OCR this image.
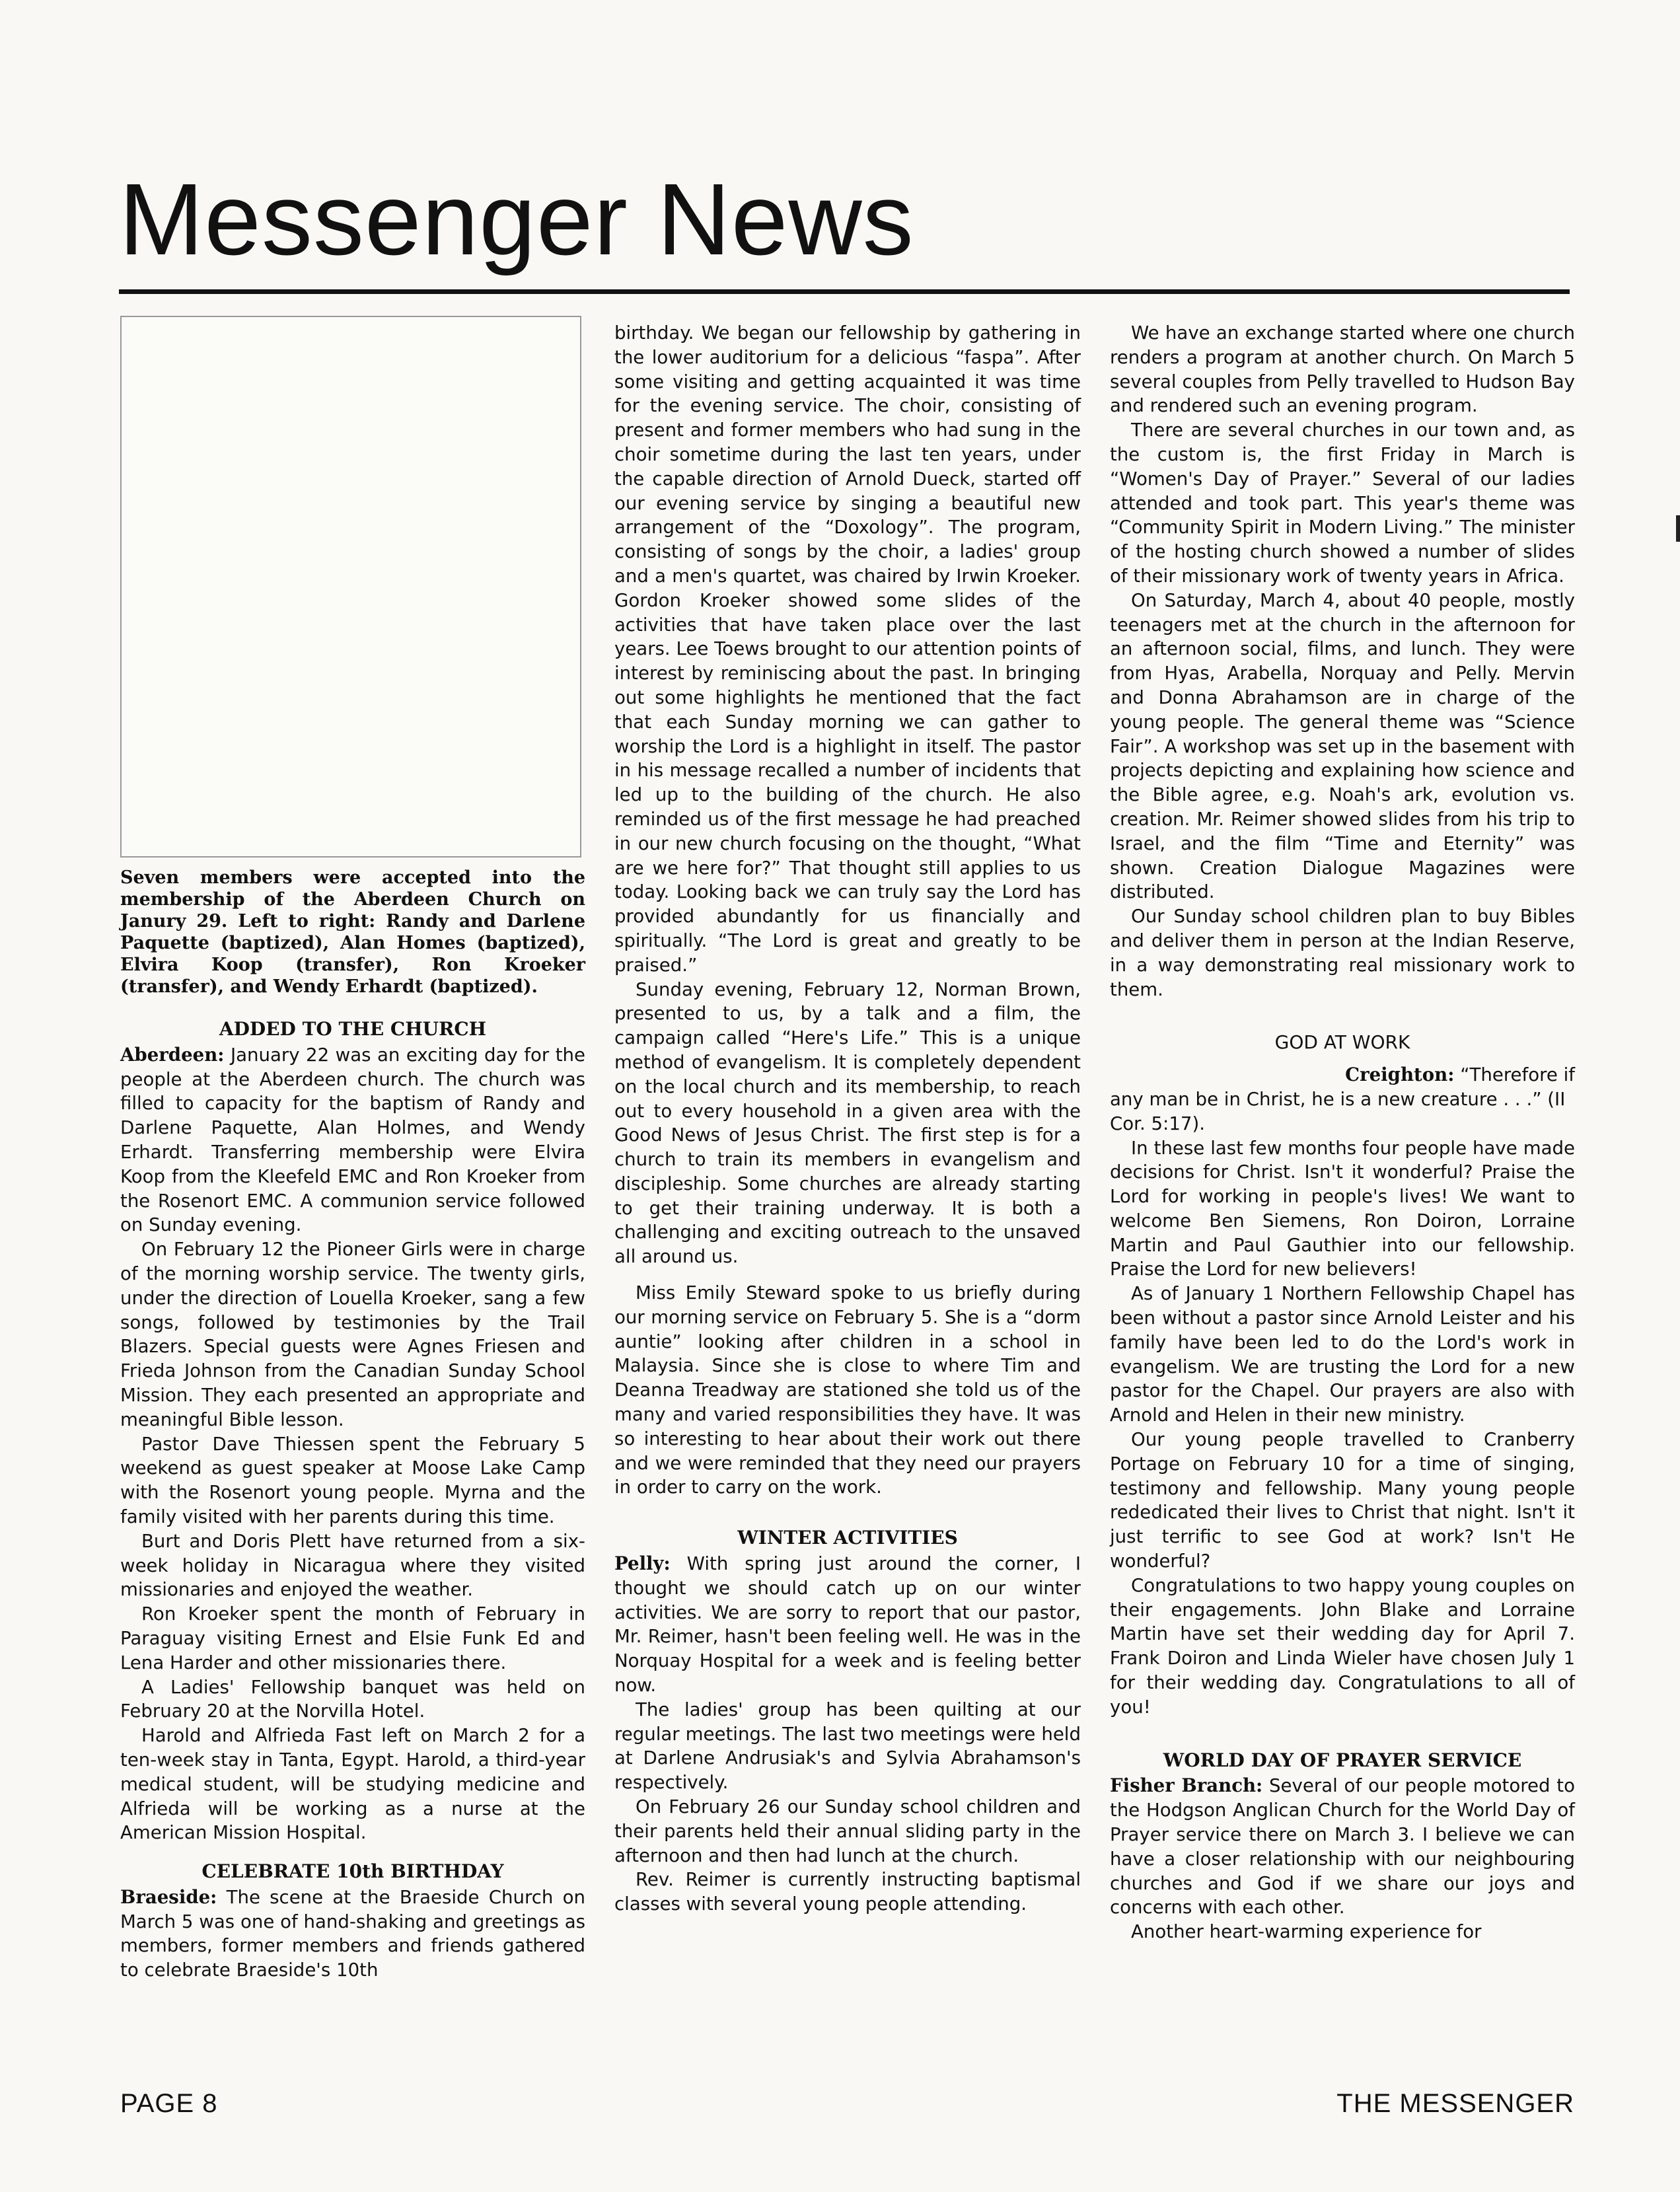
Messenger News
Seven members were accepted into the membership of the Aberdeen Church on Janury 29. Left to right: Randy and Darlene Paquette (baptized), Alan Homes (baptized), Elvira Koop (transfer), Ron Kroeker (transfer), and Wendy Erhardt (baptized).
ADDED TO THE CHURCH

Aberdeen: January 22 was an exciting day for the people at the Aberdeen church. The church was filled to capacity for the baptism of Randy and Darlene Paquette, Alan Holmes, and Wendy Erhardt. Transferring membership were Elvira Koop from the Kleefeld EMC and Ron Kroeker from the Rosenort EMC. A communion service followed on Sunday evening.

On February 12 the Pioneer Girls were in charge of the morning worship service. The twenty girls, under the direction of Louella Kroeker, sang a few songs, followed by testimonies by the Trail Blazers. Special guests were Agnes Friesen and Frieda Johnson from the Canadian Sunday School Mission. They each presented an appropriate and meaningful Bible lesson.

Pastor Dave Thiessen spent the February 5 weekend as guest speaker at Moose Lake Camp with the Rosenort young people. Myrna and the family visited with her parents during this time.

Burt and Doris Plett have returned from a six-week holiday in Nicaragua where they visited missionaries and enjoyed the weather.

Ron Kroeker spent the month of February in Paraguay visiting Ernest and Elsie Funk Ed and Lena Harder and other missionaries there.

A Ladies' Fellowship banquet was held on February 20 at the Norvilla Hotel.

Harold and Alfrieda Fast left on March 2 for a ten-week stay in Tanta, Egypt. Harold, a third-year medical student, will be studying medicine and Alfrieda will be working as a nurse at the American Mission Hospital.

CELEBRATE 10th BIRTHDAY

Braeside: The scene at the Braeside Church on March 5 was one of hand-shaking and greetings as members, former members and friends gathered to celebrate Braeside's 10th

birthday. We began our fellowship by gathering in the lower auditorium for a delicious “faspa”. After some visiting and getting acquainted it was time for the evening service. The choir, consisting of present and former members who had sung in the choir sometime during the last ten years, under the capable direction of Arnold Dueck, started off our evening service by singing a beautiful new arrangement of the “Doxology”. The program, consisting of songs by the choir, a ladies' group and a men's quartet, was chaired by Irwin Kroeker. Gordon Kroeker showed some slides of the activities that have taken place over the last years. Lee Toews brought to our attention points of interest by reminiscing about the past. In bringing out some highlights he mentioned that the fact that each Sunday morning we can gather to worship the Lord is a highlight in itself. The pastor in his message recalled a number of incidents that led up to the building of the church. He also reminded us of the first message he had preached in our new church focusing on the thought, “What are we here for?” That thought still applies to us today. Looking back we can truly say the Lord has provided abundantly for us financially and spiritually. “The Lord is great and greatly to be praised.”

Sunday evening, February 12, Norman Brown, presented to us, by a talk and a film, the campaign called “Here's Life.” This is a unique method of evangelism. It is completely dependent on the local church and its membership, to reach out to every household in a given area with the Good News of Jesus Christ. The first step is for a church to train its members in evangelism and discipleship. Some churches are already starting to get their training underway. It is both a challenging and exciting outreach to the unsaved all around us.

Miss Emily Steward spoke to us briefly during our morning service on February 5. She is a “dorm auntie” looking after children in a school in Malaysia. Since she is close to where Tim and Deanna Treadway are stationed she told us of the many and varied responsibilities they have. It was so interesting to hear about their work out there and we were reminded that they need our prayers in order to carry on the work.

WINTER ACTIVITIES

Pelly: With spring just around the corner, I thought we should catch up on our winter activities. We are sorry to report that our pastor, Mr. Reimer, hasn't been feeling well. He was in the Norquay Hospital for a week and is feeling better now.

The ladies' group has been quilting at our regular meetings. The last two meetings were held at Darlene Andrusiak's and Sylvia Abrahamson's respectively.

On February 26 our Sunday school children and their parents held their annual sliding party in the afternoon and then had lunch at the church.

Rev. Reimer is currently instructing baptismal classes with several young people attending.

We have an exchange started where one church renders a program at another church. On March 5 several couples from Pelly travelled to Hudson Bay and rendered such an evening program.

There are several churches in our town and, as the custom is, the first Friday in March is “Women's Day of Prayer.” Several of our ladies attended and took part. This year's theme was “Community Spirit in Modern Living.” The minister of the hosting church showed a number of slides of their missionary work of twenty years in Africa.

On Saturday, March 4, about 40 people, mostly teenagers met at the church in the afternoon for an afternoon social, films, and lunch. They were from Hyas, Arabella, Norquay and Pelly. Mervin and Donna Abrahamson are in charge of the young people. The general theme was “Science Fair”. A workshop was set up in the basement with projects depicting and explaining how science and the Bible agree, e.g. Noah's ark, evolution vs. creation. Mr. Reimer showed slides from his trip to Israel, and the film “Time and Eternity” was shown. Creation Dialogue Magazines were distributed.

Our Sunday school children plan to buy Bibles and deliver them in person at the Indian Reserve, in a way demonstrating real missionary work to them.

GOD AT WORK

Creighton: “Therefore if

any man be in Christ, he is a new creature . . .” (II Cor. 5:17).

In these last few months four people have made decisions for Christ. Isn't it wonderful? Praise the Lord for working in people's lives! We want to welcome Ben Siemens, Ron Doiron, Lorraine Martin and Paul Gauthier into our fellowship. Praise the Lord for new believers!

As of January 1 Northern Fellowship Chapel has been without a pastor since Arnold Leister and his family have been led to do the Lord's work in evangelism. We are trusting the Lord for a new pastor for the Chapel. Our prayers are also with Arnold and Helen in their new ministry.

Our young people travelled to Cranberry Portage on February 10 for a time of singing, testimony and fellowship. Many young people rededicated their lives to Christ that night. Isn't it just terrific to see God at work? Isn't He wonderful?

Congratulations to two happy young couples on their engagements. John Blake and Lorraine Martin have set their wedding day for April 7. Frank Doiron and Linda Wieler have chosen July 1 for their wedding day. Congratulations to all of you!

WORLD DAY OF PRAYER SERVICE

Fisher Branch: Several of our people motored to the Hodgson Anglican Church for the World Day of Prayer service there on March 3. I believe we can have a closer relationship with our neighbouring churches and God if we share our joys and concerns with each other.

Another heart-warming experience for

PAGE 8	THE MESSENGER
